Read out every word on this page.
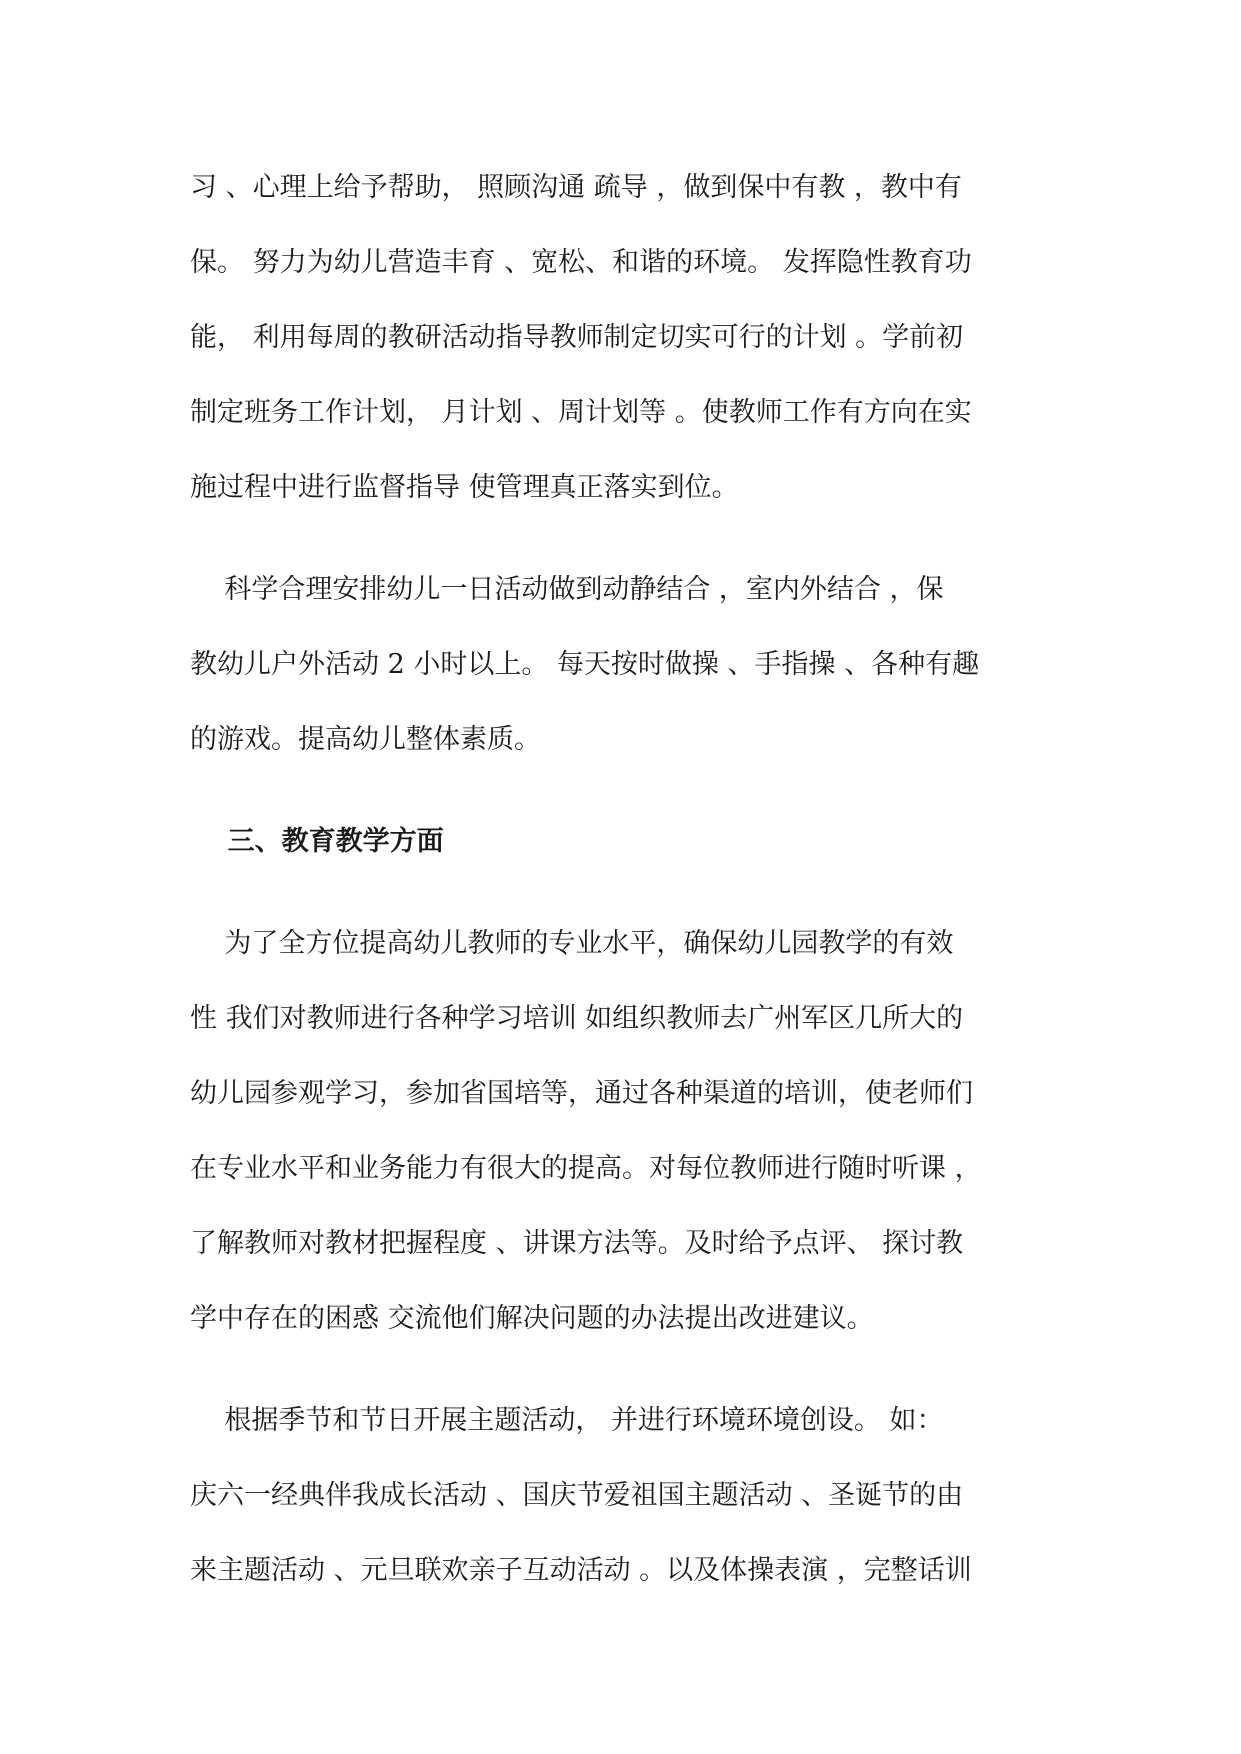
习 、心理上给予帮助， 照顾沟通 疏导 ，做到保中有教 ，教中有
保。 努力为幼儿营造丰育 、宽松、和谐的环境。 发挥隐性教育功
能， 利用每周的教研活动指导教师制定切实可行的计划 。学前初
制定班务工作计划， 月计划 、周计划等 。使教师工作有方向在实
施过程中进行监督指导 使管理真正落实到位。
科学合理安排幼儿一日活动做到动静结合 ，室内外结合 ，保
教幼儿户外活动 2 小时以上。 每天按时做操 、手指操 、各种有趣
的游戏。提高幼儿整体素质。
三、教育教学方面
为了全方位提高幼儿教师的专业水平，确保幼儿园教学的有效
性 我们对教师进行各种学习培训 如组织教师去广州军区几所大的
幼儿园参观学习，参加省国培等，通过各种渠道的培训，使老师们
在专业水平和业务能力有很大的提高。对每位教师进行随时听课 ，
了解教师对教材把握程度 、讲课方法等。及时给予点评、 探讨教
学中存在的困惑 交流他们解决问题的办法提出改进建议。
根据季节和节日开展主题活动， 并进行环境环境创设。 如：
庆六一经典伴我成长活动 、国庆节爱祖国主题活动 、圣诞节的由
来主题活动 、元旦联欢亲子互动活动 。以及体操表演 ，完整话训
